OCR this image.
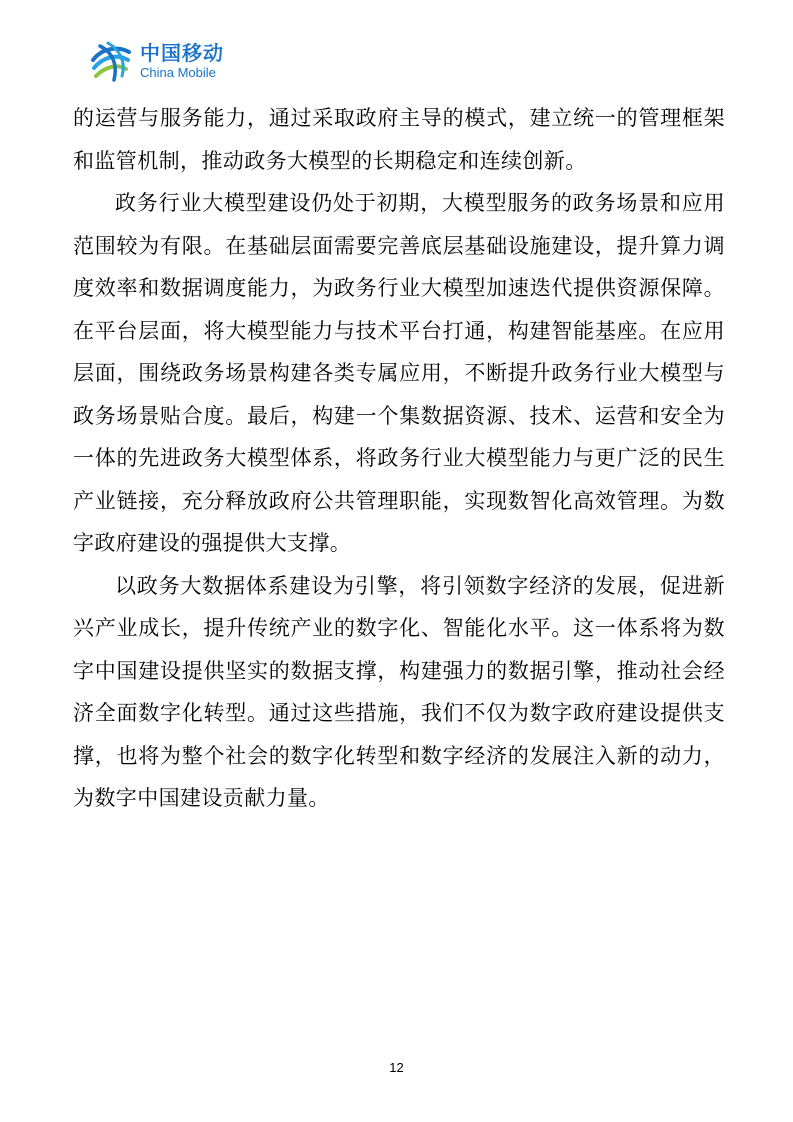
中国移动
China Mobile

的运营与服务能力，通过采取政府主导的模式，建立统一的管理框架和监管机制，推动政务大模型的长期稳定和连续创新。

政务行业大模型建设仍处于初期，大模型服务的政务场景和应用范围较为有限。在基础层面需要完善底层基础设施建设，提升算力调度效率和数据调度能力，为政务行业大模型加速迭代提供资源保障。在平台层面，将大模型能力与技术平台打通，构建智能基座。在应用层面，围绕政务场景构建各类专属应用，不断提升政务行业大模型与政务场景贴合度。最后，构建一个集数据资源、技术、运营和安全为一体的先进政务大模型体系，将政务行业大模型能力与更广泛的民生产业链接，充分释放政府公共管理职能，实现数智化高效管理。为数字政府建设的强提供大支撑。

以政务大数据体系建设为引擎，将引领数字经济的发展，促进新兴产业成长，提升传统产业的数字化、智能化水平。这一体系将为数字中国建设提供坚实的数据支撑，构建强力的数据引擎，推动社会经济全面数字化转型。通过这些措施，我们不仅为数字政府建设提供支撑，也将为整个社会的数字化转型和数字经济的发展注入新的动力，为数字中国建设贡献力量。

12
